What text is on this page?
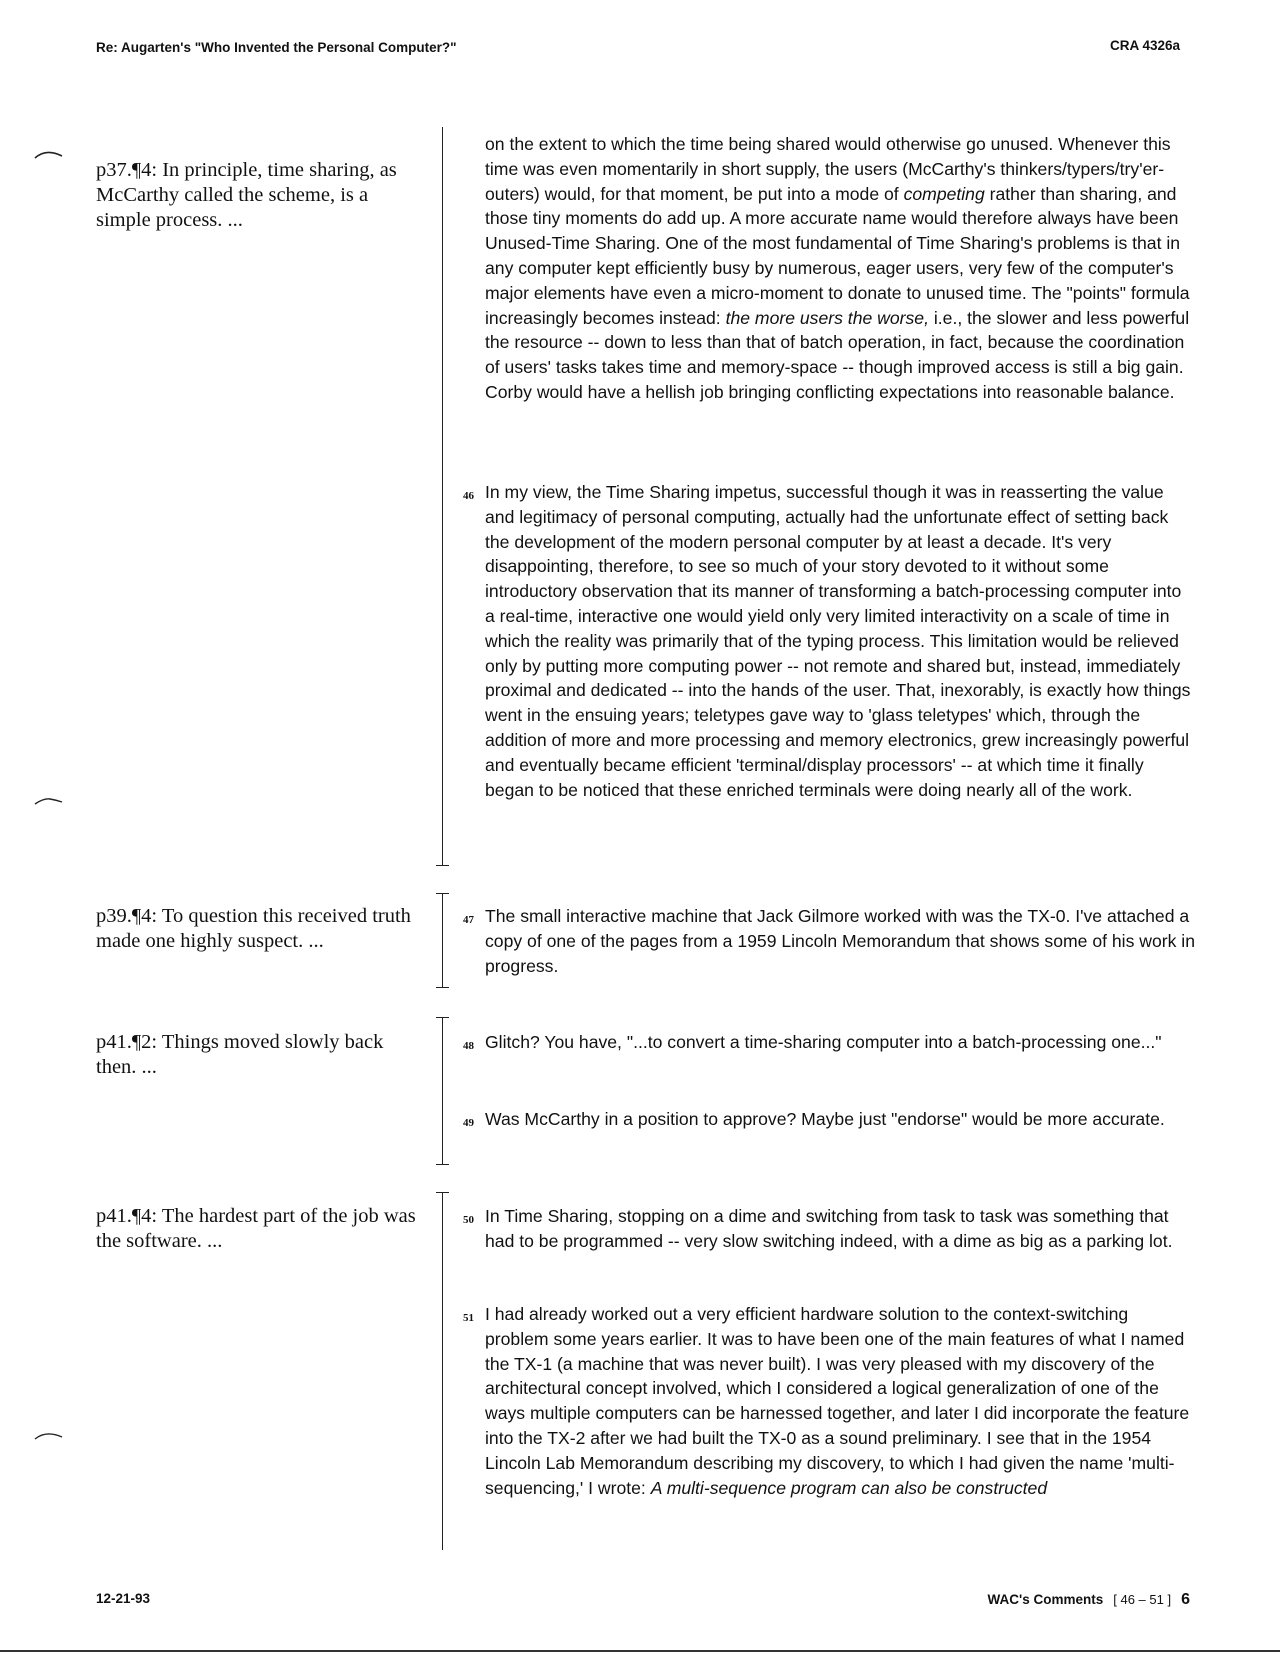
Re: Augarten's "Who Invented the Personal Computer?"	CRA 4326a
p37.¶4: In principle, time sharing, as McCarthy called the scheme, is a simple process. ...
p39.¶4: To question this received truth made one highly suspect. ...
p41.¶2: Things moved slowly back then. ...
p41.¶4: The hardest part of the job was the software. ...
on the extent to which the time being shared would otherwise go unused. Whenever this time was even momentarily in short supply, the users (McCarthy's thinkers/typers/try'er-outers) would, for that moment, be put into a mode of competing rather than sharing, and those tiny moments do add up. A more accurate name would therefore always have been Unused-Time Sharing. One of the most fundamental of Time Sharing's problems is that in any computer kept efficiently busy by numerous, eager users, very few of the computer's major elements have even a micro-moment to donate to unused time. The "points" formula increasingly becomes instead: the more users the worse, i.e., the slower and less powerful the resource -- down to less than that of batch operation, in fact, because the coordination of users' tasks takes time and memory-space -- though improved access is still a big gain. Corby would have a hellish job bringing conflicting expectations into reasonable balance.
46 In my view, the Time Sharing impetus, successful though it was in reasserting the value and legitimacy of personal computing, actually had the unfortunate effect of setting back the development of the modern personal computer by at least a decade. It's very disappointing, therefore, to see so much of your story devoted to it without some introductory observation that its manner of transforming a batch-processing computer into a real-time, interactive one would yield only very limited interactivity on a scale of time in which the reality was primarily that of the typing process. This limitation would be relieved only by putting more computing power -- not remote and shared but, instead, immediately proximal and dedicated -- into the hands of the user. That, inexorably, is exactly how things went in the ensuing years; teletypes gave way to 'glass teletypes' which, through the addition of more and more processing and memory electronics, grew increasingly powerful and eventually became efficient 'terminal/display processors' -- at which time it finally began to be noticed that these enriched terminals were doing nearly all of the work.
47 The small interactive machine that Jack Gilmore worked with was the TX-0. I've attached a copy of one of the pages from a 1959 Lincoln Memorandum that shows some of his work in progress.
48 Glitch? You have, "...to convert a time-sharing computer into a batch-processing one..."
49 Was McCarthy in a position to approve? Maybe just "endorse" would be more accurate.
50 In Time Sharing, stopping on a dime and switching from task to task was something that had to be programmed -- very slow switching indeed, with a dime as big as a parking lot.
51 I had already worked out a very efficient hardware solution to the context-switching problem some years earlier. It was to have been one of the main features of what I named the TX-1 (a machine that was never built). I was very pleased with my discovery of the architectural concept involved, which I considered a logical generalization of one of the ways multiple computers can be harnessed together, and later I did incorporate the feature into the TX-2 after we had built the TX-0 as a sound preliminary. I see that in the 1954 Lincoln Lab Memorandum describing my discovery, to which I had given the name 'multi-sequencing,' I wrote: A multi-sequence program can also be constructed
12-21-93	WAC's Comments [ 46 – 51 ] 6
